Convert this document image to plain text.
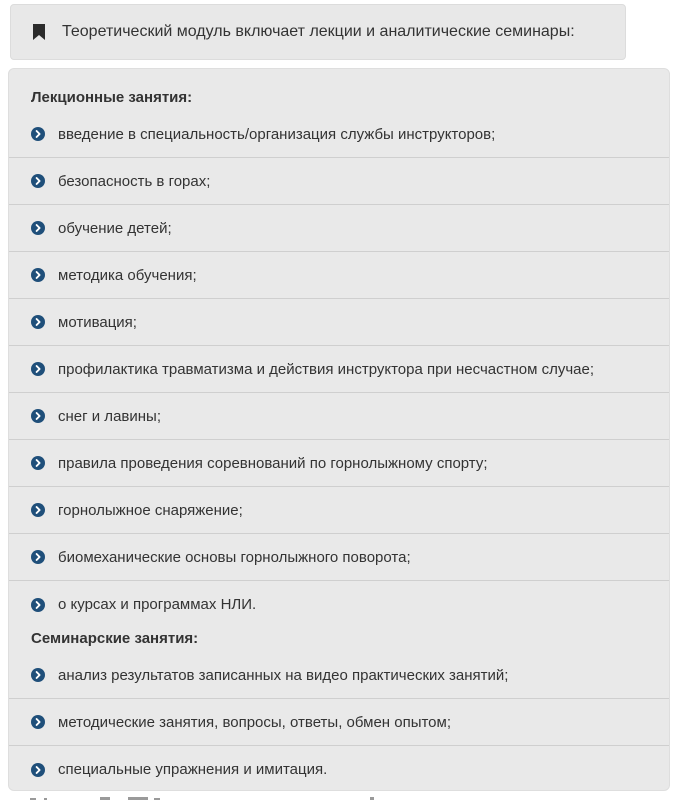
Теоретический модуль включает лекции и аналитические семинары:
Лекционные занятия:
введение в специальность/организация службы инструкторов;
безопасность в горах;
обучение детей;
методика обучения;
мотивация;
профилактика травматизма и действия инструктора при несчастном случае;
снег и лавины;
правила проведения соревнований по горнолыжному спорту;
горнолыжное снаряжение;
биомеханические основы горнолыжного поворота;
о курсах и программах НЛИ.
Семинарские занятия:
анализ результатов записанных на видео практических занятий;
методические занятия, вопросы, ответы, обмен опытом;
специальные упражнения и имитация.
